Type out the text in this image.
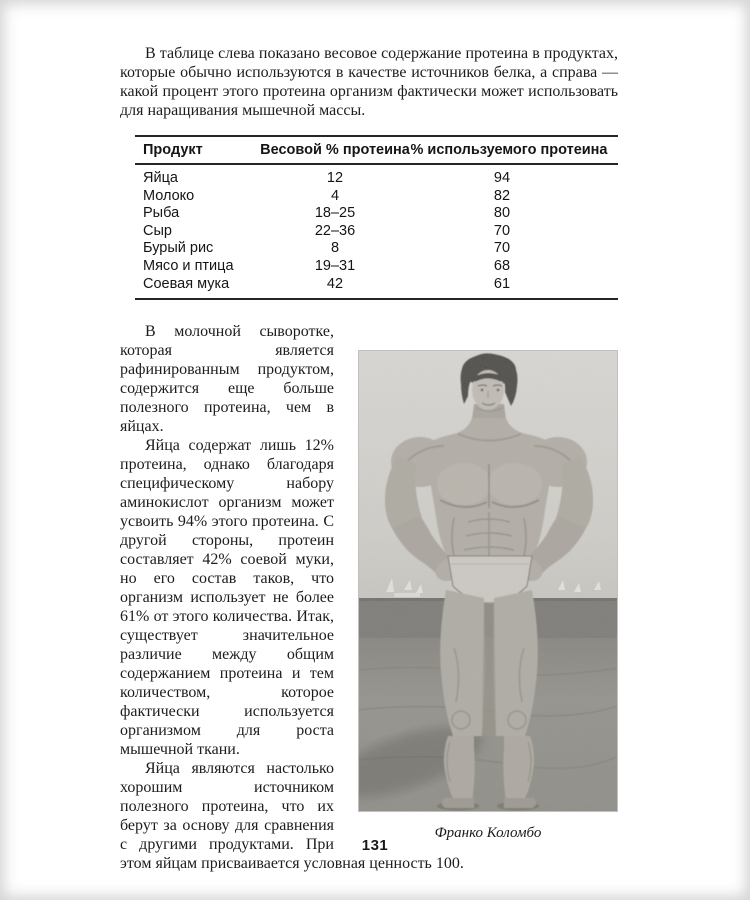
В таблице слева показано весовое содержание протеина в продуктах, которые обычно используются в качестве источников белка, а справа — какой процент этого протеина организм фактически может использовать для наращивания мышечной массы.

Продукт	Весовой % протеина	% используемого протеина
Яйца	12	94
Молоко	4	82
Рыба	18–25	80
Сыр	22–36	70
Бурый рис	8	70
Мясо и птица	19–31	68
Соевая мука	42	61
Франко Коломбо

В молочной сыворотке, которая является рафинированным продуктом, содержится еще больше полезного протеина, чем в яйцах.

Яйца содержат лишь 12% протеина, однако благодаря специфическому набору аминокислот организм может усвоить 94% этого протеина. С другой стороны, протеин составляет 42% соевой муки, но его состав таков, что организм использует не более 61% от этого количества. Итак, существует значительное различие между общим содержанием протеина и тем количеством, которое фактически используется организмом для роста мышечной ткани.

Яйца являются настолько хорошим источником полезного протеина, что их берут за основу для сравнения с другими продуктами. При этом яйцам присваивается условная ценность 100.

131
